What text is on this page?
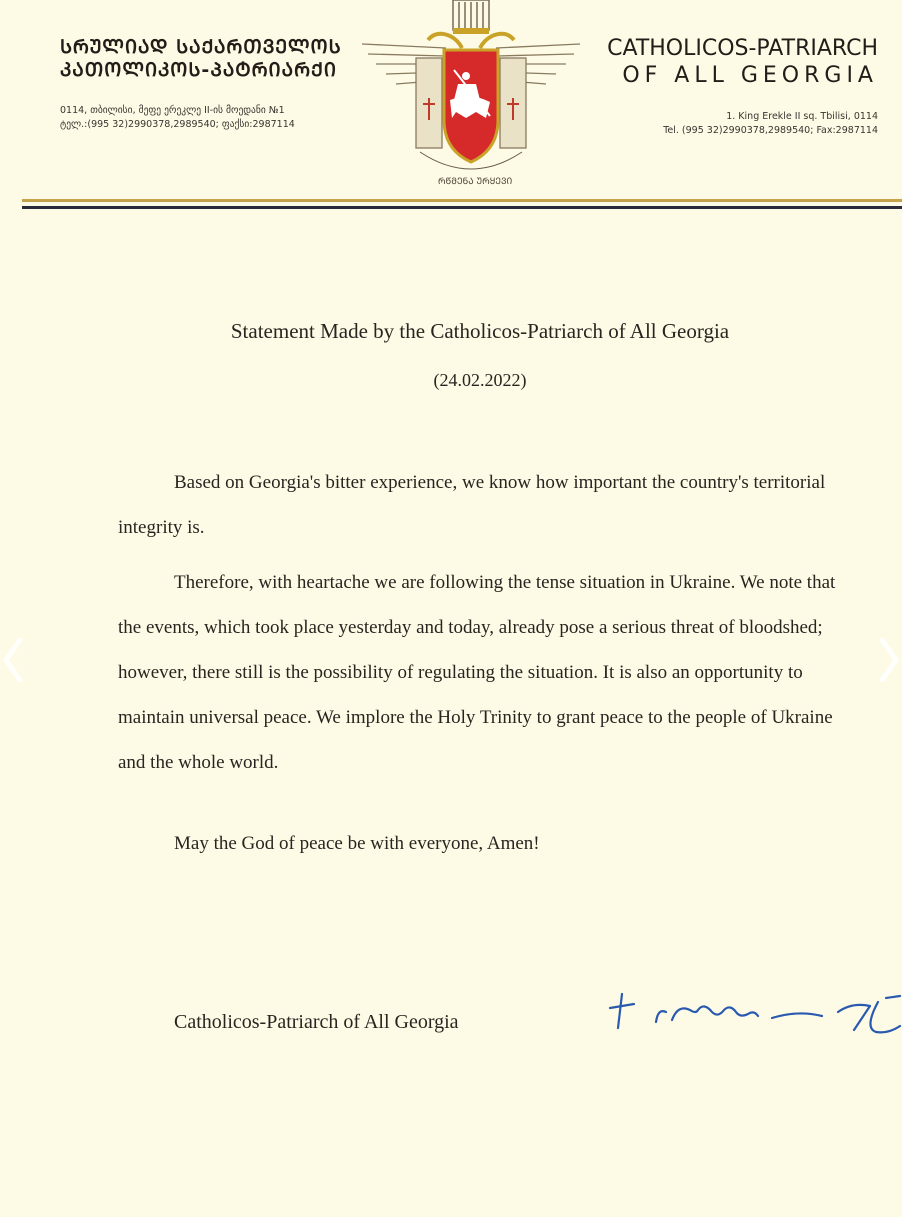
ᲡᲠᲣᲚᲘᲐᲓ ᲡᲐᲥᲐᲠᲗᲕᲔᲚᲝᲡ
ᲙᲐᲗᲝᲚᲘᲙᲝᲡ-ᲞᲐᲢᲠᲘᲐᲠᲥᲘ
0114, თბილისი, მეფე ერეკლე II-ის მოედანი №1
ტელ.:(995 32)2990378,2989540; ფაქსი:2987114
ᲠᲬᲛᲔᲜᲐ ᲣᲠᲧᲔᲕᲘ
CATHOLICOS-PATRIARCH
OF ALL GEORGIA
1. King Erekle II sq. Tbilisi, 0114
Tel. (995 32)2990378,2989540; Fax:2987114
Statement Made by the Catholicos-Patriarch of All Georgia
(24.02.2022)

Based on Georgia's bitter experience, we know how important the country's territorial integrity is.

Therefore, with heartache we are following the tense situation in Ukraine. We note that the events, which took place yesterday and today, already pose a serious threat of bloodshed; however, there still is the possibility of regulating the situation. It is also an opportunity to maintain universal peace. We implore the Holy Trinity to grant peace to the people of Ukraine and the whole world.

May the God of peace be with everyone, Amen!
Catholicos-Patriarch of All Georgia
